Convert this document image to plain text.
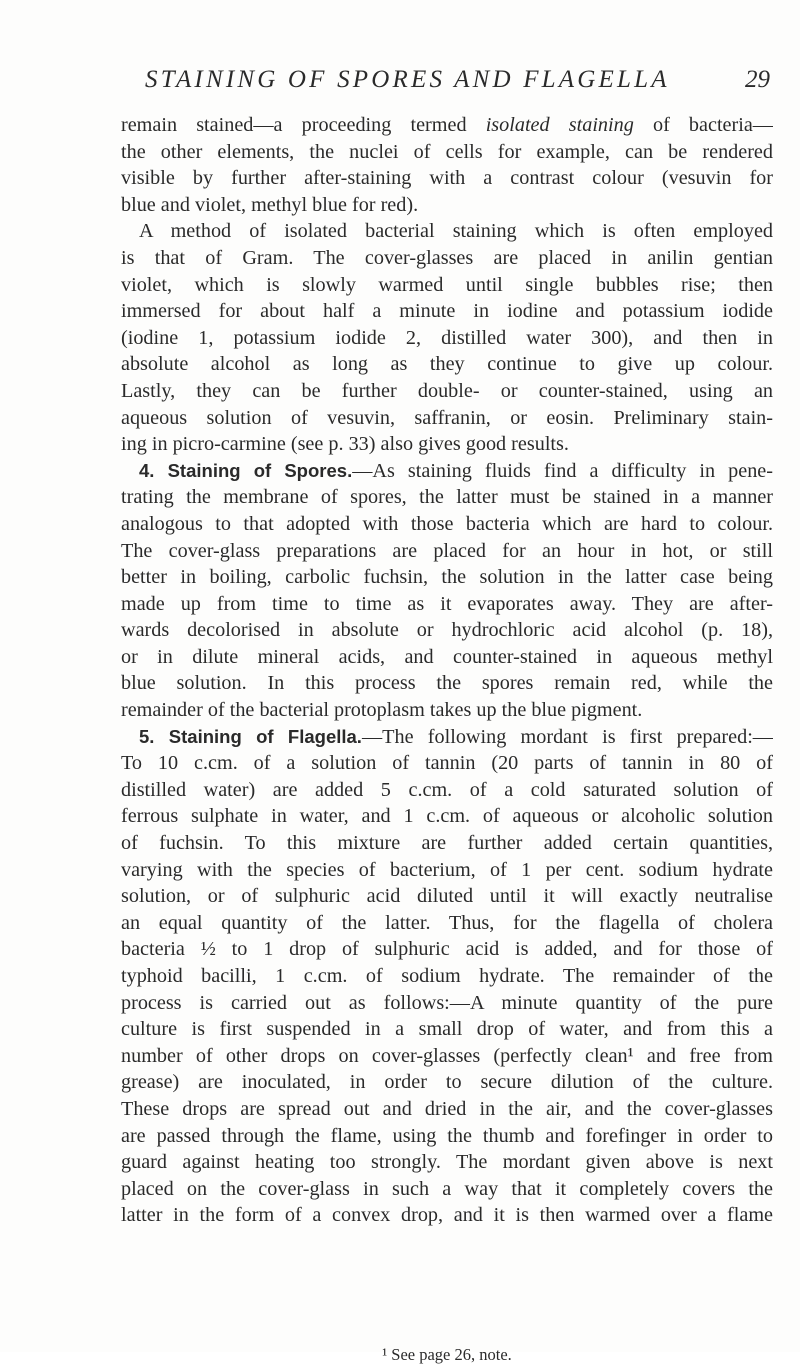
STAINING OF SPORES AND FLAGELLA	29
remain stained—a proceeding termed isolated staining of bacteria—
the other elements, the nuclei of cells for example, can be rendered
visible by further after-staining with a contrast colour (vesuvin for
blue and violet, methyl blue for red).
A method of isolated bacterial staining which is often employed
is that of Gram. The cover-glasses are placed in anilin gentian
violet, which is slowly warmed until single bubbles rise; then
immersed for about half a minute in iodine and potassium iodide
(iodine 1, potassium iodide 2, distilled water 300), and then in
absolute alcohol as long as they continue to give up colour.
Lastly, they can be further double- or counter-stained, using an
aqueous solution of vesuvin, saffranin, or eosin. Preliminary stain-
ing in picro-carmine (see p. 33) also gives good results.
4. Staining of Spores.—As staining fluids find a difficulty in pene-
trating the membrane of spores, the latter must be stained in a manner
analogous to that adopted with those bacteria which are hard to colour.
The cover-glass preparations are placed for an hour in hot, or still
better in boiling, carbolic fuchsin, the solution in the latter case being
made up from time to time as it evaporates away. They are after-
wards decolorised in absolute or hydrochloric acid alcohol (p. 18),
or in dilute mineral acids, and counter-stained in aqueous methyl
blue solution. In this process the spores remain red, while the
remainder of the bacterial protoplasm takes up the blue pigment.
5. Staining of Flagella.—The following mordant is first prepared:—
To 10 c.cm. of a solution of tannin (20 parts of tannin in 80 of
distilled water) are added 5 c.cm. of a cold saturated solution of
ferrous sulphate in water, and 1 c.cm. of aqueous or alcoholic solution
of fuchsin. To this mixture are further added certain quantities,
varying with the species of bacterium, of 1 per cent. sodium hydrate
solution, or of sulphuric acid diluted until it will exactly neutralise
an equal quantity of the latter. Thus, for the flagella of cholera
bacteria ½ to 1 drop of sulphuric acid is added, and for those of
typhoid bacilli, 1 c.cm. of sodium hydrate. The remainder of the
process is carried out as follows:—A minute quantity of the pure
culture is first suspended in a small drop of water, and from this a
number of other drops on cover-glasses (perfectly clean¹ and free from
grease) are inoculated, in order to secure dilution of the culture.
These drops are spread out and dried in the air, and the cover-glasses
are passed through the flame, using the thumb and forefinger in order to
guard against heating too strongly. The mordant given above is next
placed on the cover-glass in such a way that it completely covers the
latter in the form of a convex drop, and it is then warmed over a flame
¹ See page 26, note.
